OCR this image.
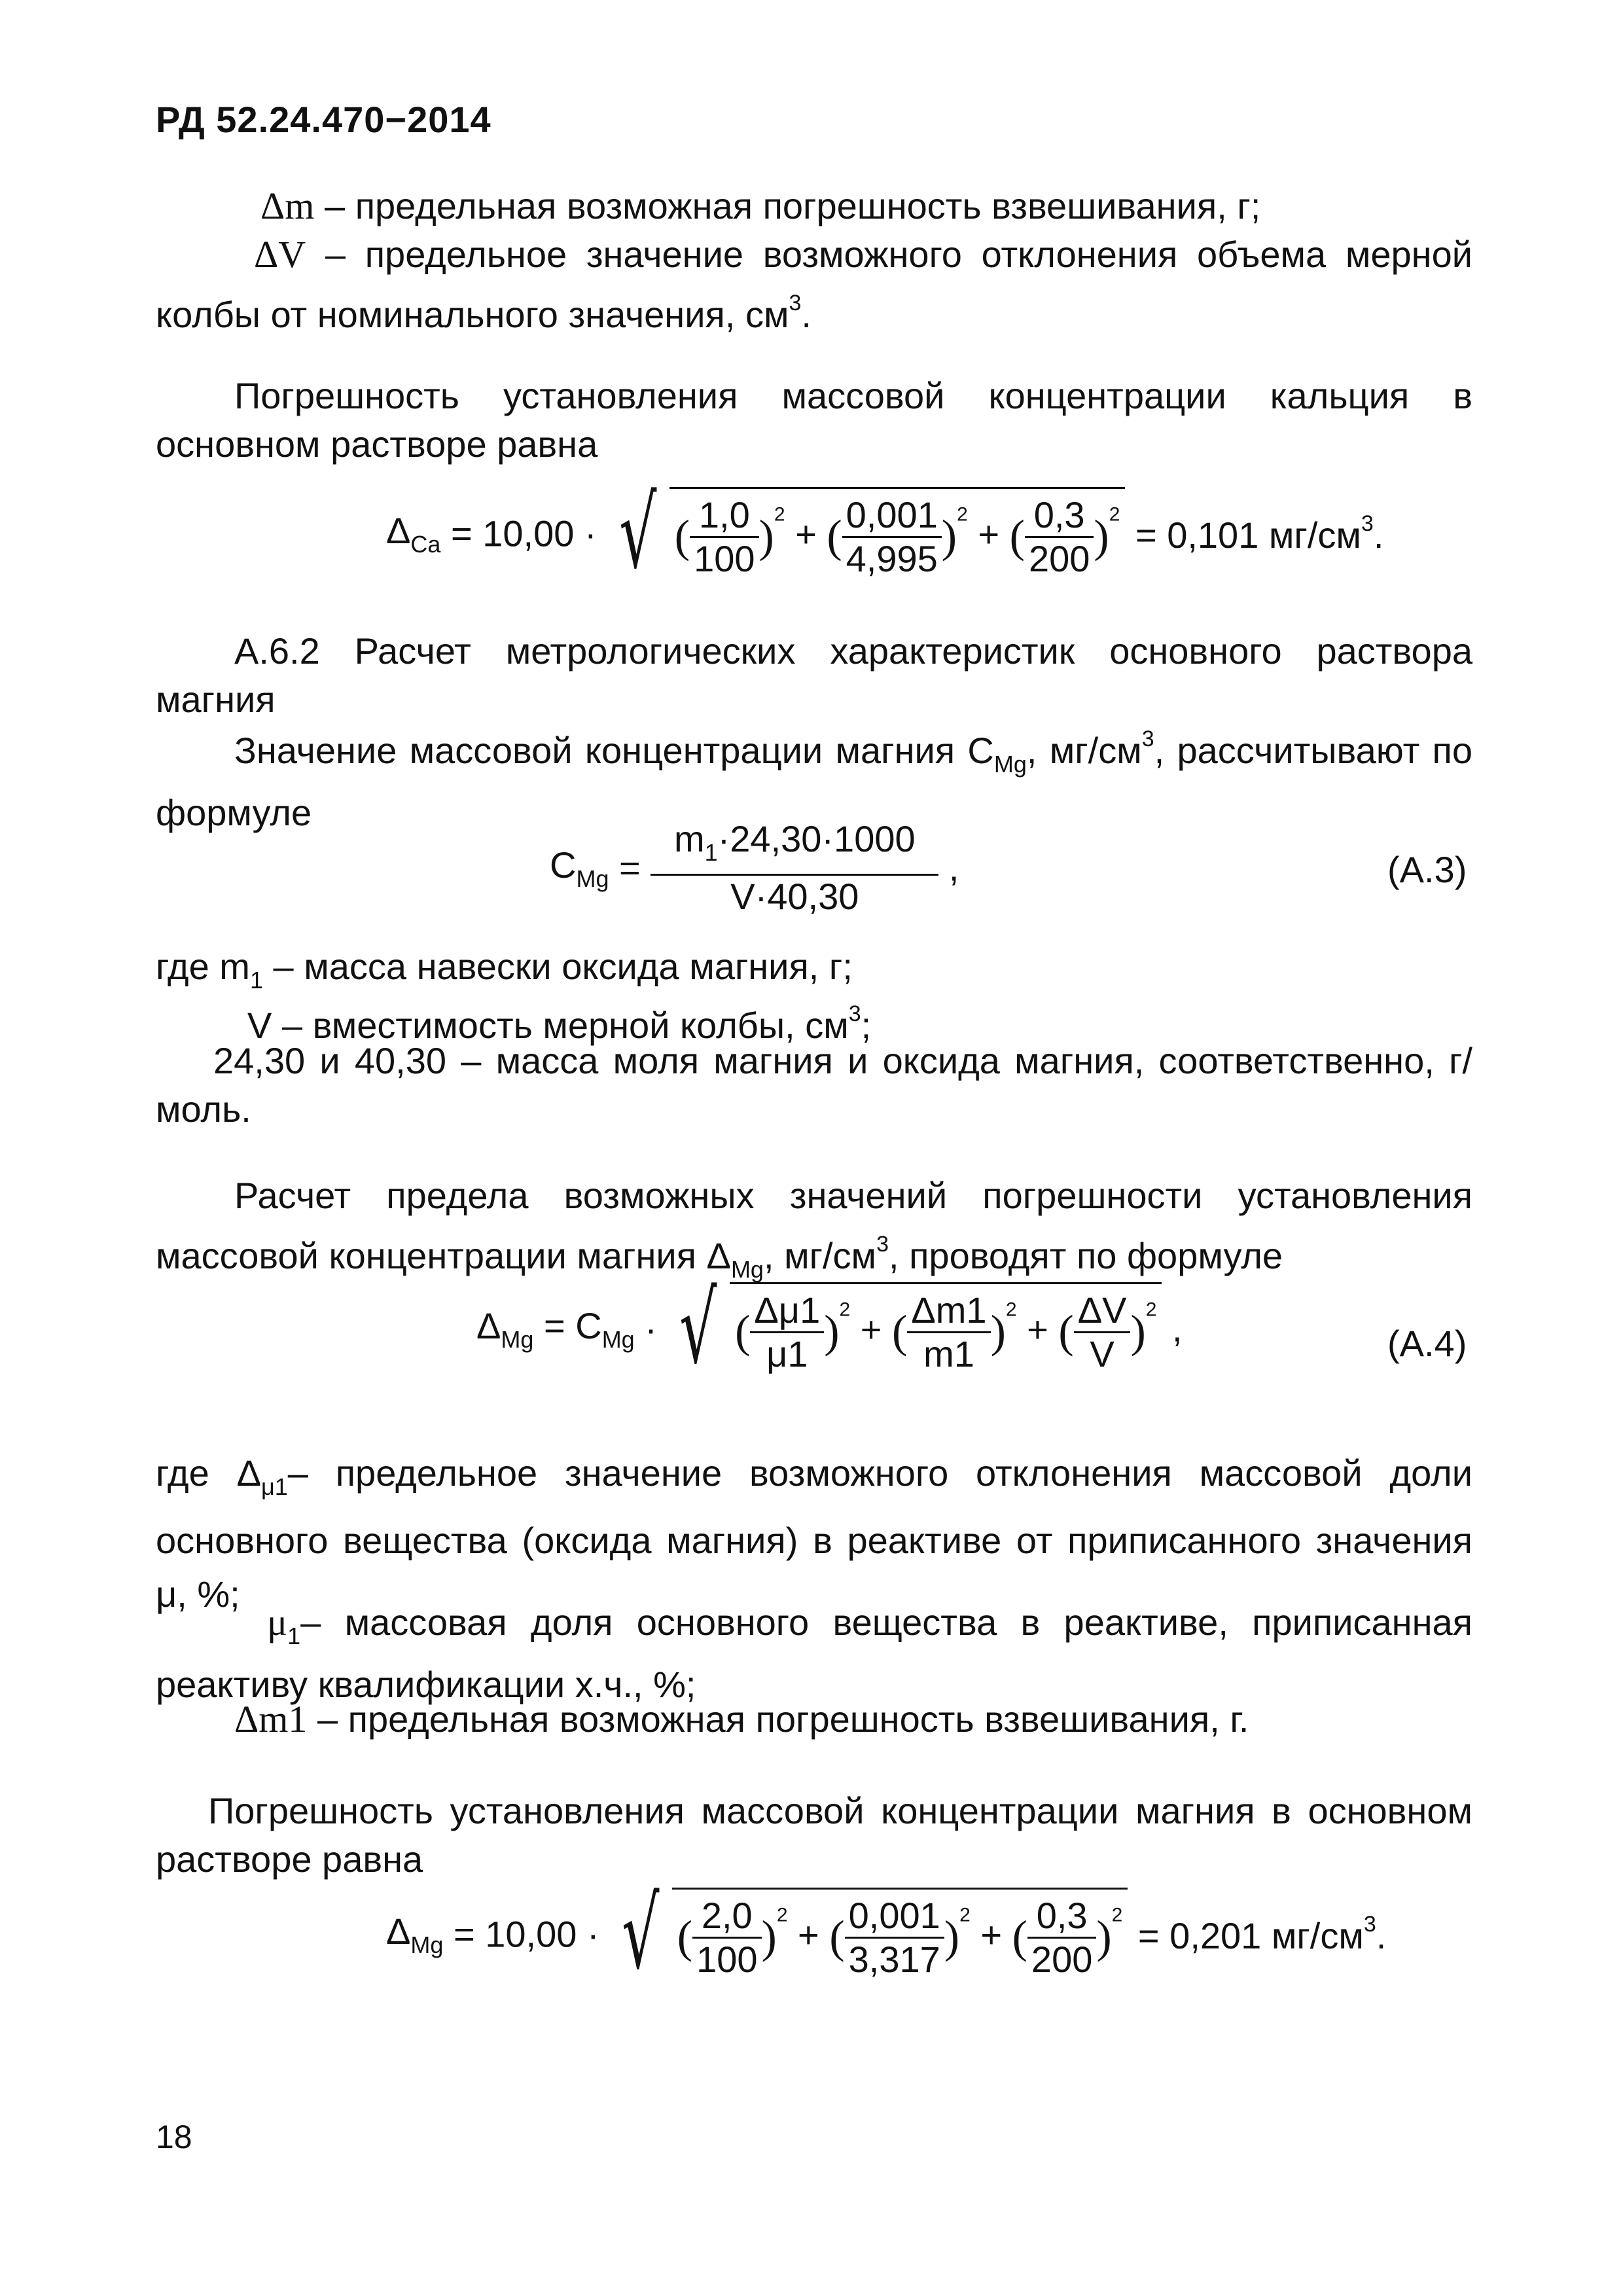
РД 52.24.470−2014
Δm – предельная возможная погрешность взвешивания, г;
ΔV – предельное значение возможного отклонения объема мерной колбы от номинального значения, $см^3$.
Погрешность установления массовой концентрации кальция в основном растворе равна
$\Delta_{Ca} = 10,00$ · √ ( $\frac{1,0}{100} )^2$ + ( $\frac{0,001}{4,995} )^2$ + ( $\frac{0,3}{200} )^2 = 0,101$ $мг/см^3$.
А.6.2 Расчет метрологических характеристик основного раствора магния
Значение массовой концентрации магния $С_{Mg}$, $мг/см^3$, рассчитывают по формуле
$С_{Mg} = \frac{m_1\cdot 24,30\cdot 1000}{V\cdot 40,30}$ ,	(А.3)
где $m_1$ – масса навески оксида магния, г;
V – вместимость мерной колбы, $см^3$;
24,30 и 40,30 – масса моля магния и оксида магния, соответственно, г/моль.
Расчет предела возможных значений погрешности установления массовой концентрации магния $\Delta_{Mg}$, $мг/см^3$, проводят по формуле
$\Delta_{Mg} = С_{Mg}$ · √ ( $\frac{\Delta\mu 1}{\mu 1} )^2$ + ( $\frac{\Delta m1}{m1} )^2$ + ( $\frac{\Delta V}{V} )^2$ ,	(А.4)
где $\Delta_{\mu 1}-$ предельное значение возможного отклонения массовой доли основного вещества (оксида магния) в реактиве от приписанного значения μ, %;
$\mu_1-$ массовая доля основного вещества в реактиве, приписанная реактиву квалификации х.ч., %;
Δm1 – предельная возможная погрешность взвешивания, г.
Погрешность установления массовой концентрации магния в основном растворе равна
$\Delta_{Mg} = 10,00$ · √ ( $\frac{2,0}{100} )^2$ + ( $\frac{0,001}{3,317} )^2$ + ( $\frac{0,3}{200} )^2 = 0,201$ $мг/см^3$.
18
